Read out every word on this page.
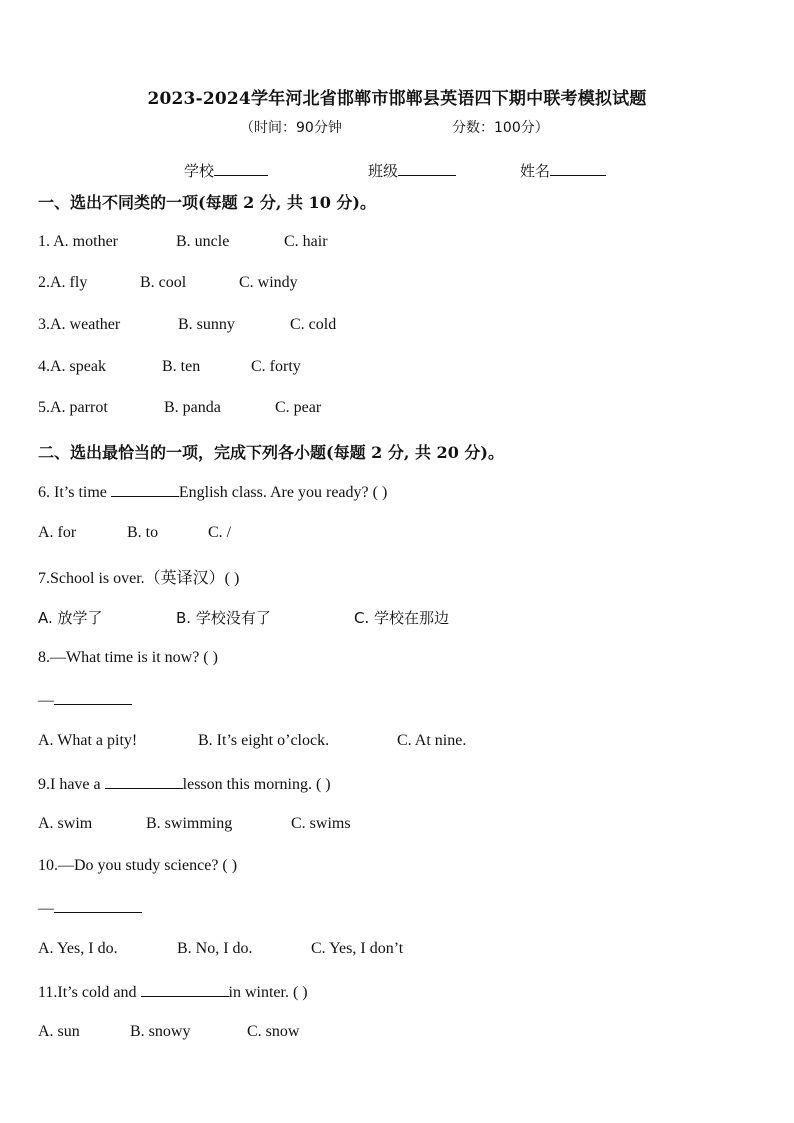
2023-2024学年河北省邯郸市邯郸县英语四下期中联考模拟试题
（时间：90分钟	分数：100分）
学校	班级	姓名
一、选出不同类的一项(每题 2 分, 共 10 分)。
1. A. mother	B. uncle	C. hair
2.A. fly	B. cool	C. windy
3.A. weather	B. sunny	C. cold
4.A. speak	B. ten	C. forty
5.A. parrot	B. panda	C. pear
二、选出最恰当的一项，完成下列各小题(每题 2 分, 共 20 分)。
6. It’s time	English class. Are you ready? ( )
A. for	B. to	C. /
7.School is over.（英译汉）( )
A. 放学了	B. 学校没有了	C. 学校在那边
8.—What time is it now? ( )
—
A. What a pity!	B. It’s eight o’clock.	C. At nine.
9.I have a	lesson this morning. ( )
A. swim	B. swimming	C. swims
10.—Do you study science? ( )
—
A. Yes, I do.	B. No, I do.	C. Yes, I don’t
11.It’s cold and	in winter. ( )
A. sun	B. snowy	C. snow
